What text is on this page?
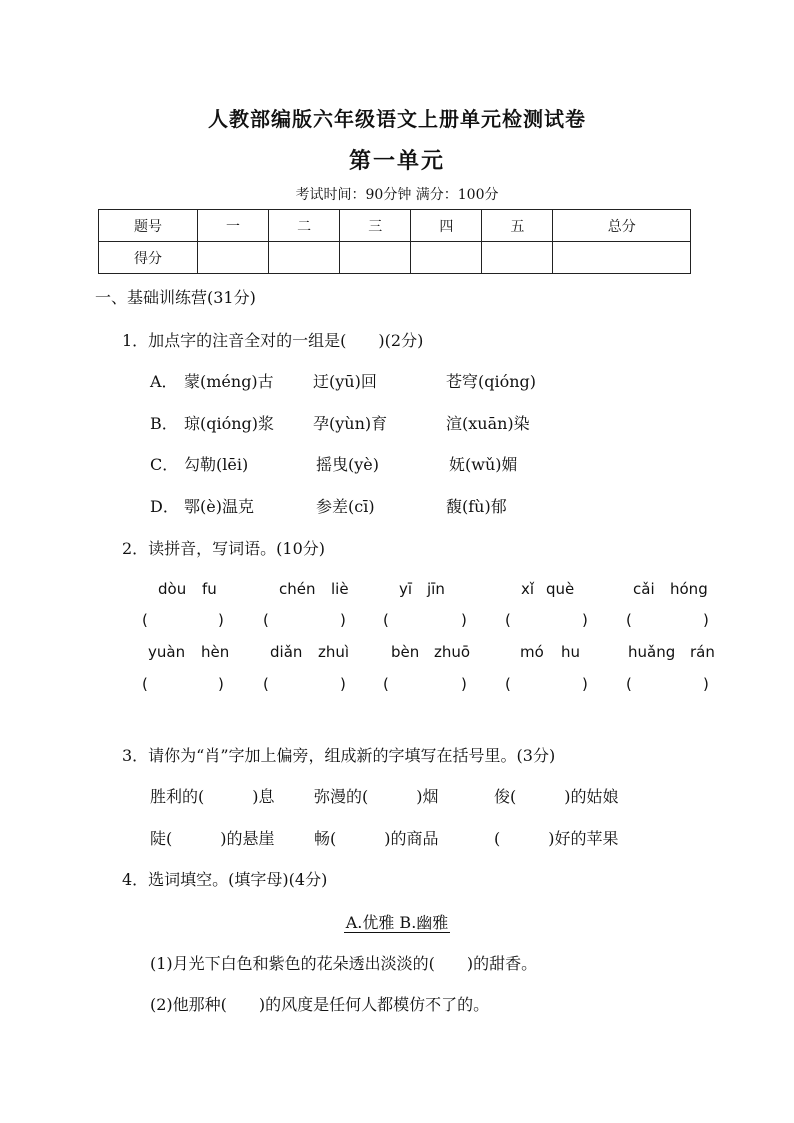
人教部编版六年级语文上册单元检测试卷
第一单元
考试时间：90分钟 满分：100分
题号	一	二	三	四	五	总分
得分						
一、基础训练营(31分)
1．加点字的注音全对的一组是(　　)(2分)
A． 蒙(méng)古 迂(yū)回	苍穹(qióng)
B． 琼(qióng)浆 孕(yùn)育	渲(xuān)染
C． 勾勒(lēi)	摇曳(yè)	妩(wǔ)媚
D． 鄂(è)温克	参差(cī)	馥(fù)郁
2．读拼音，写词语。(10分)
dòu fu	chén liè	yī jīn	xǐ què	cǎi hóng
(	)	(	) (	)	(	)	(	)
yuàn hèn	diǎn zhuì	bèn zhuō	mó hu	huǎng rán
(	)	(	) (	)	(	)	(	)
3．请你为“肖”字加上偏旁，组成新的字填写在括号里。(3分)
胜利的(　　　)息 弥漫的(　　　)烟	俊(　　　)的姑娘
陡(　　　)的悬崖 畅(　　　)的商品	(　　　)好的苹果
4．选词填空。(填字母)(4分)
A.优雅 B.幽雅
(1)月光下白色和紫色的花朵透出淡淡的(　　)的甜香。
(2)他那种(　　)的风度是任何人都模仿不了的。
